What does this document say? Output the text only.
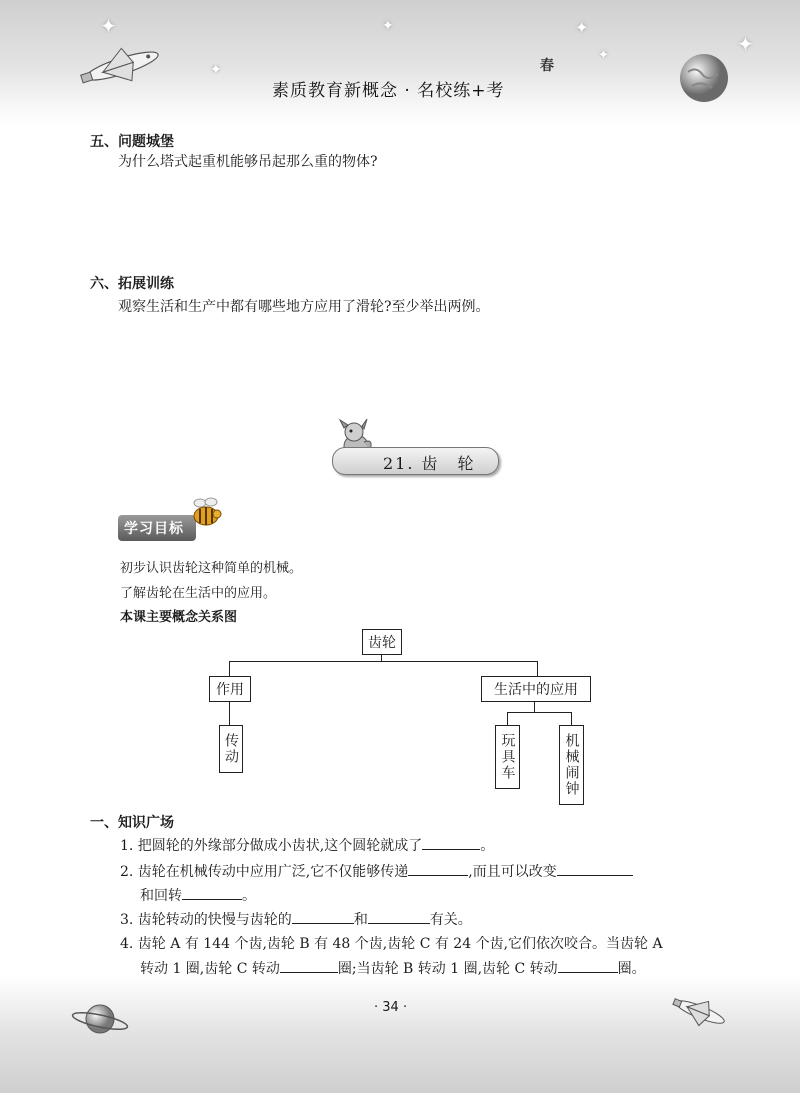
✦
✦
✦	✦
✦	✦
春
素质教育新概念 · 名校练+考
五、问题城堡
为什么塔式起重机能够吊起那么重的物体?
六、拓展训练
观察生活和生产中都有哪些地方应用了滑轮?至少举出两例。
21. 齿　轮
学习目标
初步认识齿轮这种简单的机械。
了解齿轮在生活中的应用。
本课主要概念关系图
齿轮
作用	生活中的应用
传动	玩具车	机械闹钟
一、知识广场
1. 把圆轮的外缘部分做成小齿状,这个圆轮就成了	。
2. 齿轮在机械传动中应用广泛,它不仅能够传递	,而且可以改变
和回转	。
3. 齿轮转动的快慢与齿轮的	和	有关。
4. 齿轮 A 有 144 个齿,齿轮 B 有 48 个齿,齿轮 C 有 24 个齿,它们依次咬合。当齿轮 A
转动 1 圈,齿轮 C 转动	圈;当齿轮 B 转动 1 圈,齿轮 C 转动	圈。
· 34 ·
